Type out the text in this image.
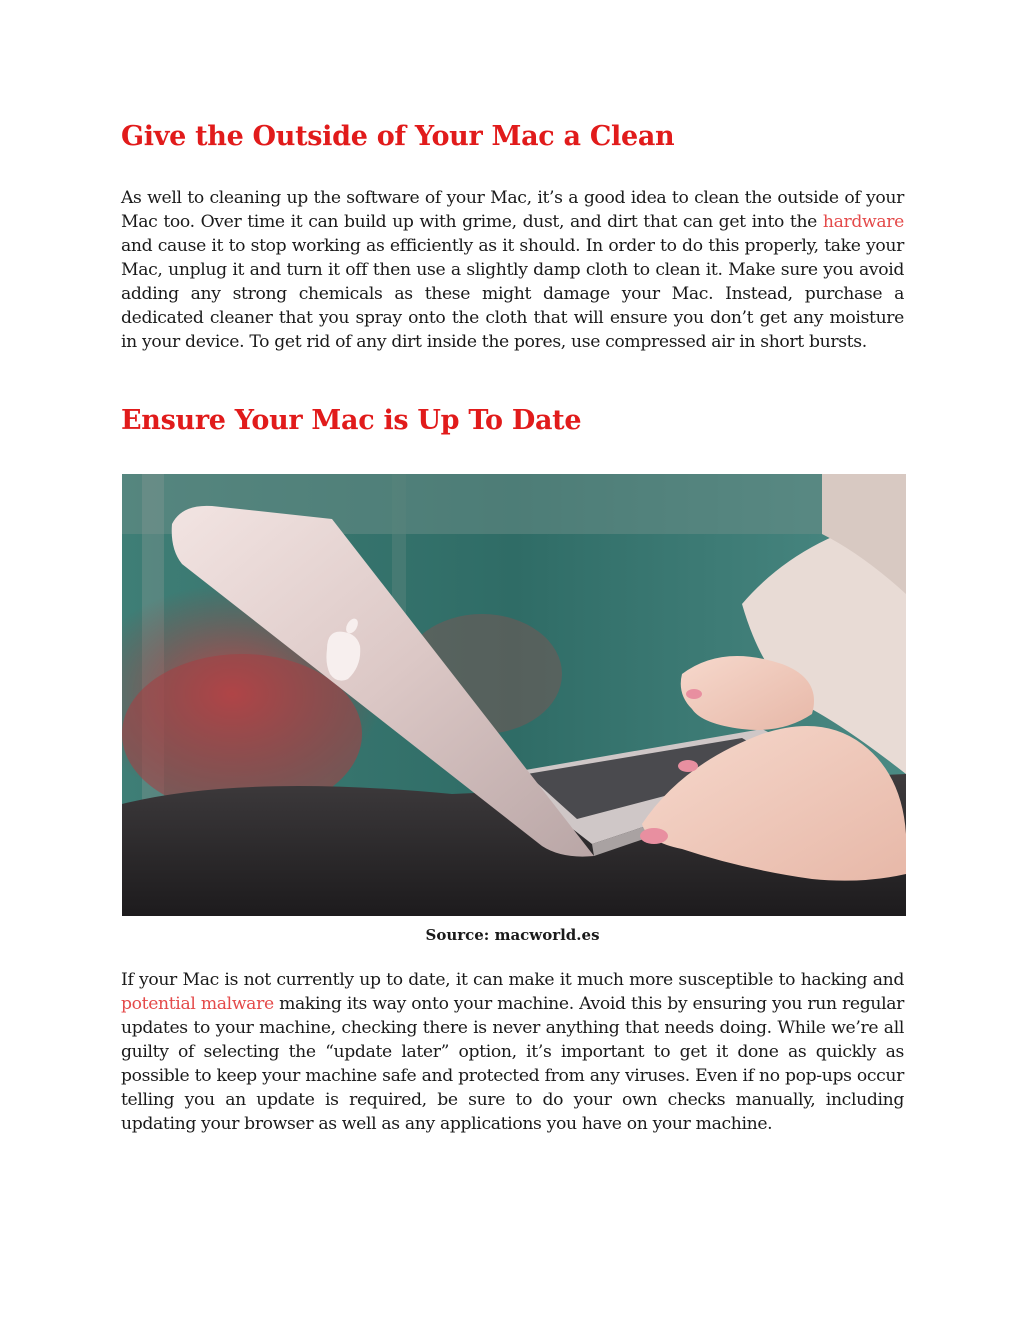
Give the Outside of Your Mac a Clean

As well to cleaning up the software of your Mac, it’s a good idea to clean the outside of your Mac too. Over time it can build up with grime, dust, and dirt that can get into the hardware and cause it to stop working as efficiently as it should. In order to do this properly, take your Mac, unplug it and turn it off then use a slightly damp cloth to clean it. Make sure you avoid adding any strong chemicals as these might damage your Mac. Instead, purchase a dedicated cleaner that you spray onto the cloth that will ensure you don’t get any moisture in your device. To get rid of any dirt inside the pores, use compressed air in short bursts.

Ensure Your Mac is Up To Date
Source: macworld.es

If your Mac is not currently up to date, it can make it much more susceptible to hacking and potential malware making its way onto your machine. Avoid this by ensuring you run regular updates to your machine, checking there is never anything that needs doing. While we’re all guilty of selecting the “update later” option, it’s important to get it done as quickly as possible to keep your machine safe and protected from any viruses. Even if no pop-ups occur telling you an update is required, be sure to do your own checks manually, including updating your browser as well as any applications you have on your machine.
